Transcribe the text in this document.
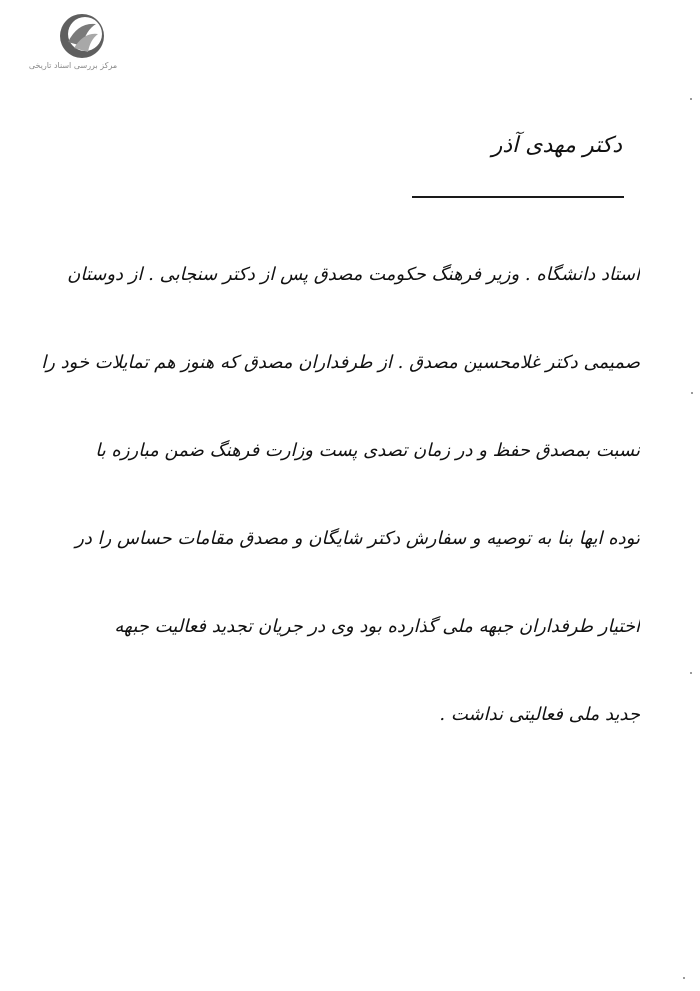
مرکز بررسی اسناد تاریخی
دکتر مهدی آذر
استاد دانشگاه . وزیر فرهنگ حکومت مصدق پس از دکتر سنجابی . از دوستان
صمیمی دکتر غلامحسین مصدق . از طرفداران مصدق که هنوز هم تمایلات خود را
نسبت بمصدق حفظ و در زمان تصدی پست وزارت فرهنگ ضمن مبارزه با
توده ایها بنا به توصیه و سفارش دکتر شایگان و مصدق مقامات حساس را در
اختیار طرفداران جبهه ملی گذارده بود وی در جریان تجدید فعالیت جبهه
جدید ملی فعالیتی نداشت .
